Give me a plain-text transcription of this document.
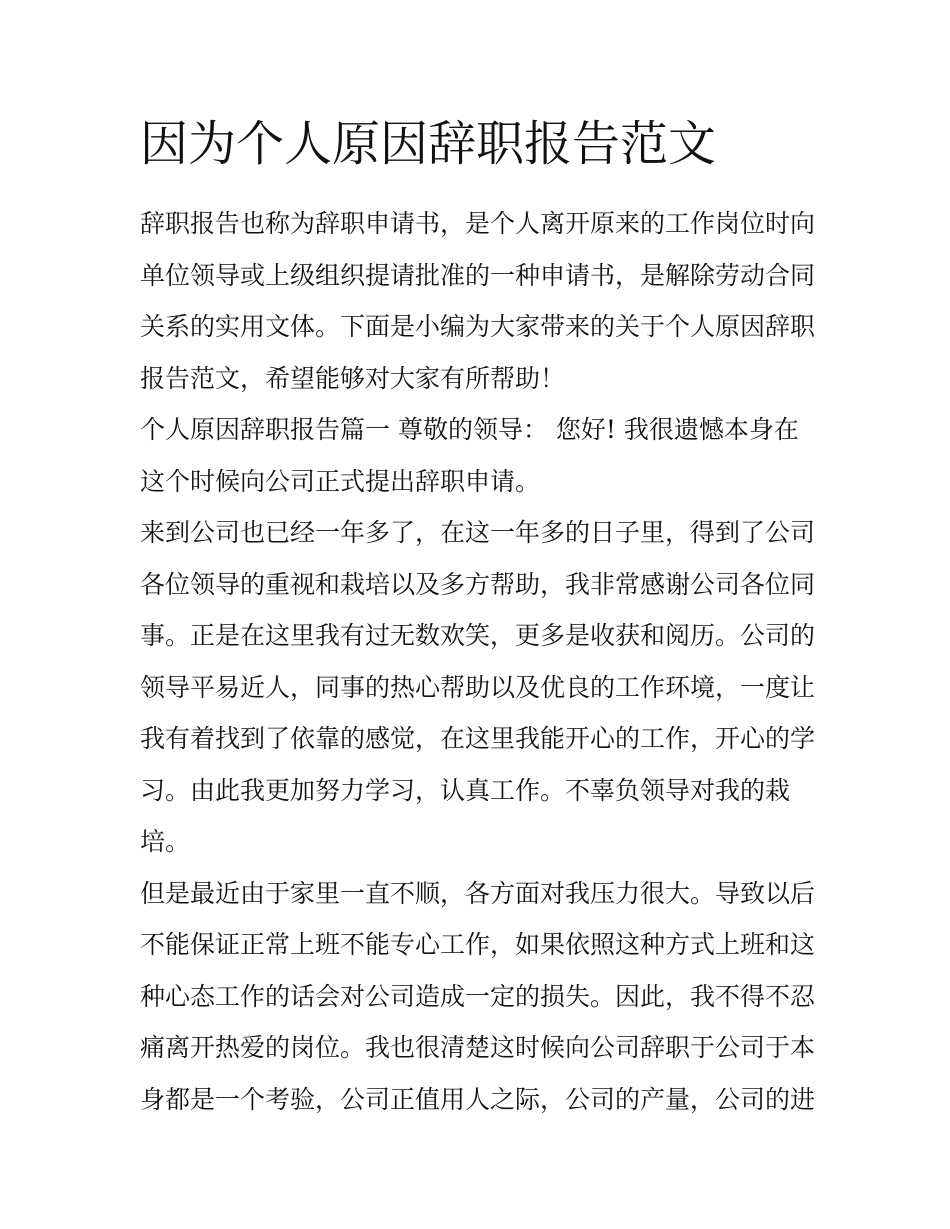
因为个人原因辞职报告范文

辞职报告也称为辞职申请书，是个人离开原来的工作岗位时向单位领导或上级组织提请批准的一种申请书，是解除劳动合同关系的实用文体。下面是小编为大家带来的关于个人原因辞职报告范文，希望能够对大家有所帮助！

个人原因辞职报告篇一 尊敬的领导： 您好! 我很遗憾本身在这个时候向公司正式提出辞职申请。

来到公司也已经一年多了，在这一年多的日子里，得到了公司各位领导的重视和栽培以及多方帮助，我非常感谢公司各位同事。正是在这里我有过无数欢笑，更多是收获和阅历。公司的领导平易近人，同事的热心帮助以及优良的工作环境，一度让我有着找到了依靠的感觉，在这里我能开心的工作，开心的学习。由此我更加努力学习，认真工作。不辜负领导对我的栽培。

但是最近由于家里一直不顺，各方面对我压力很大。导致以后不能保证正常上班不能专心工作，如果依照这种方式上班和这种心态工作的话会对公司造成一定的损失。因此，我不得不忍痛离开热爱的岗位。我也很清楚这时候向公司辞职于公司于本身都是一个考验，公司正值用人之际，公司的产量，公司的进
